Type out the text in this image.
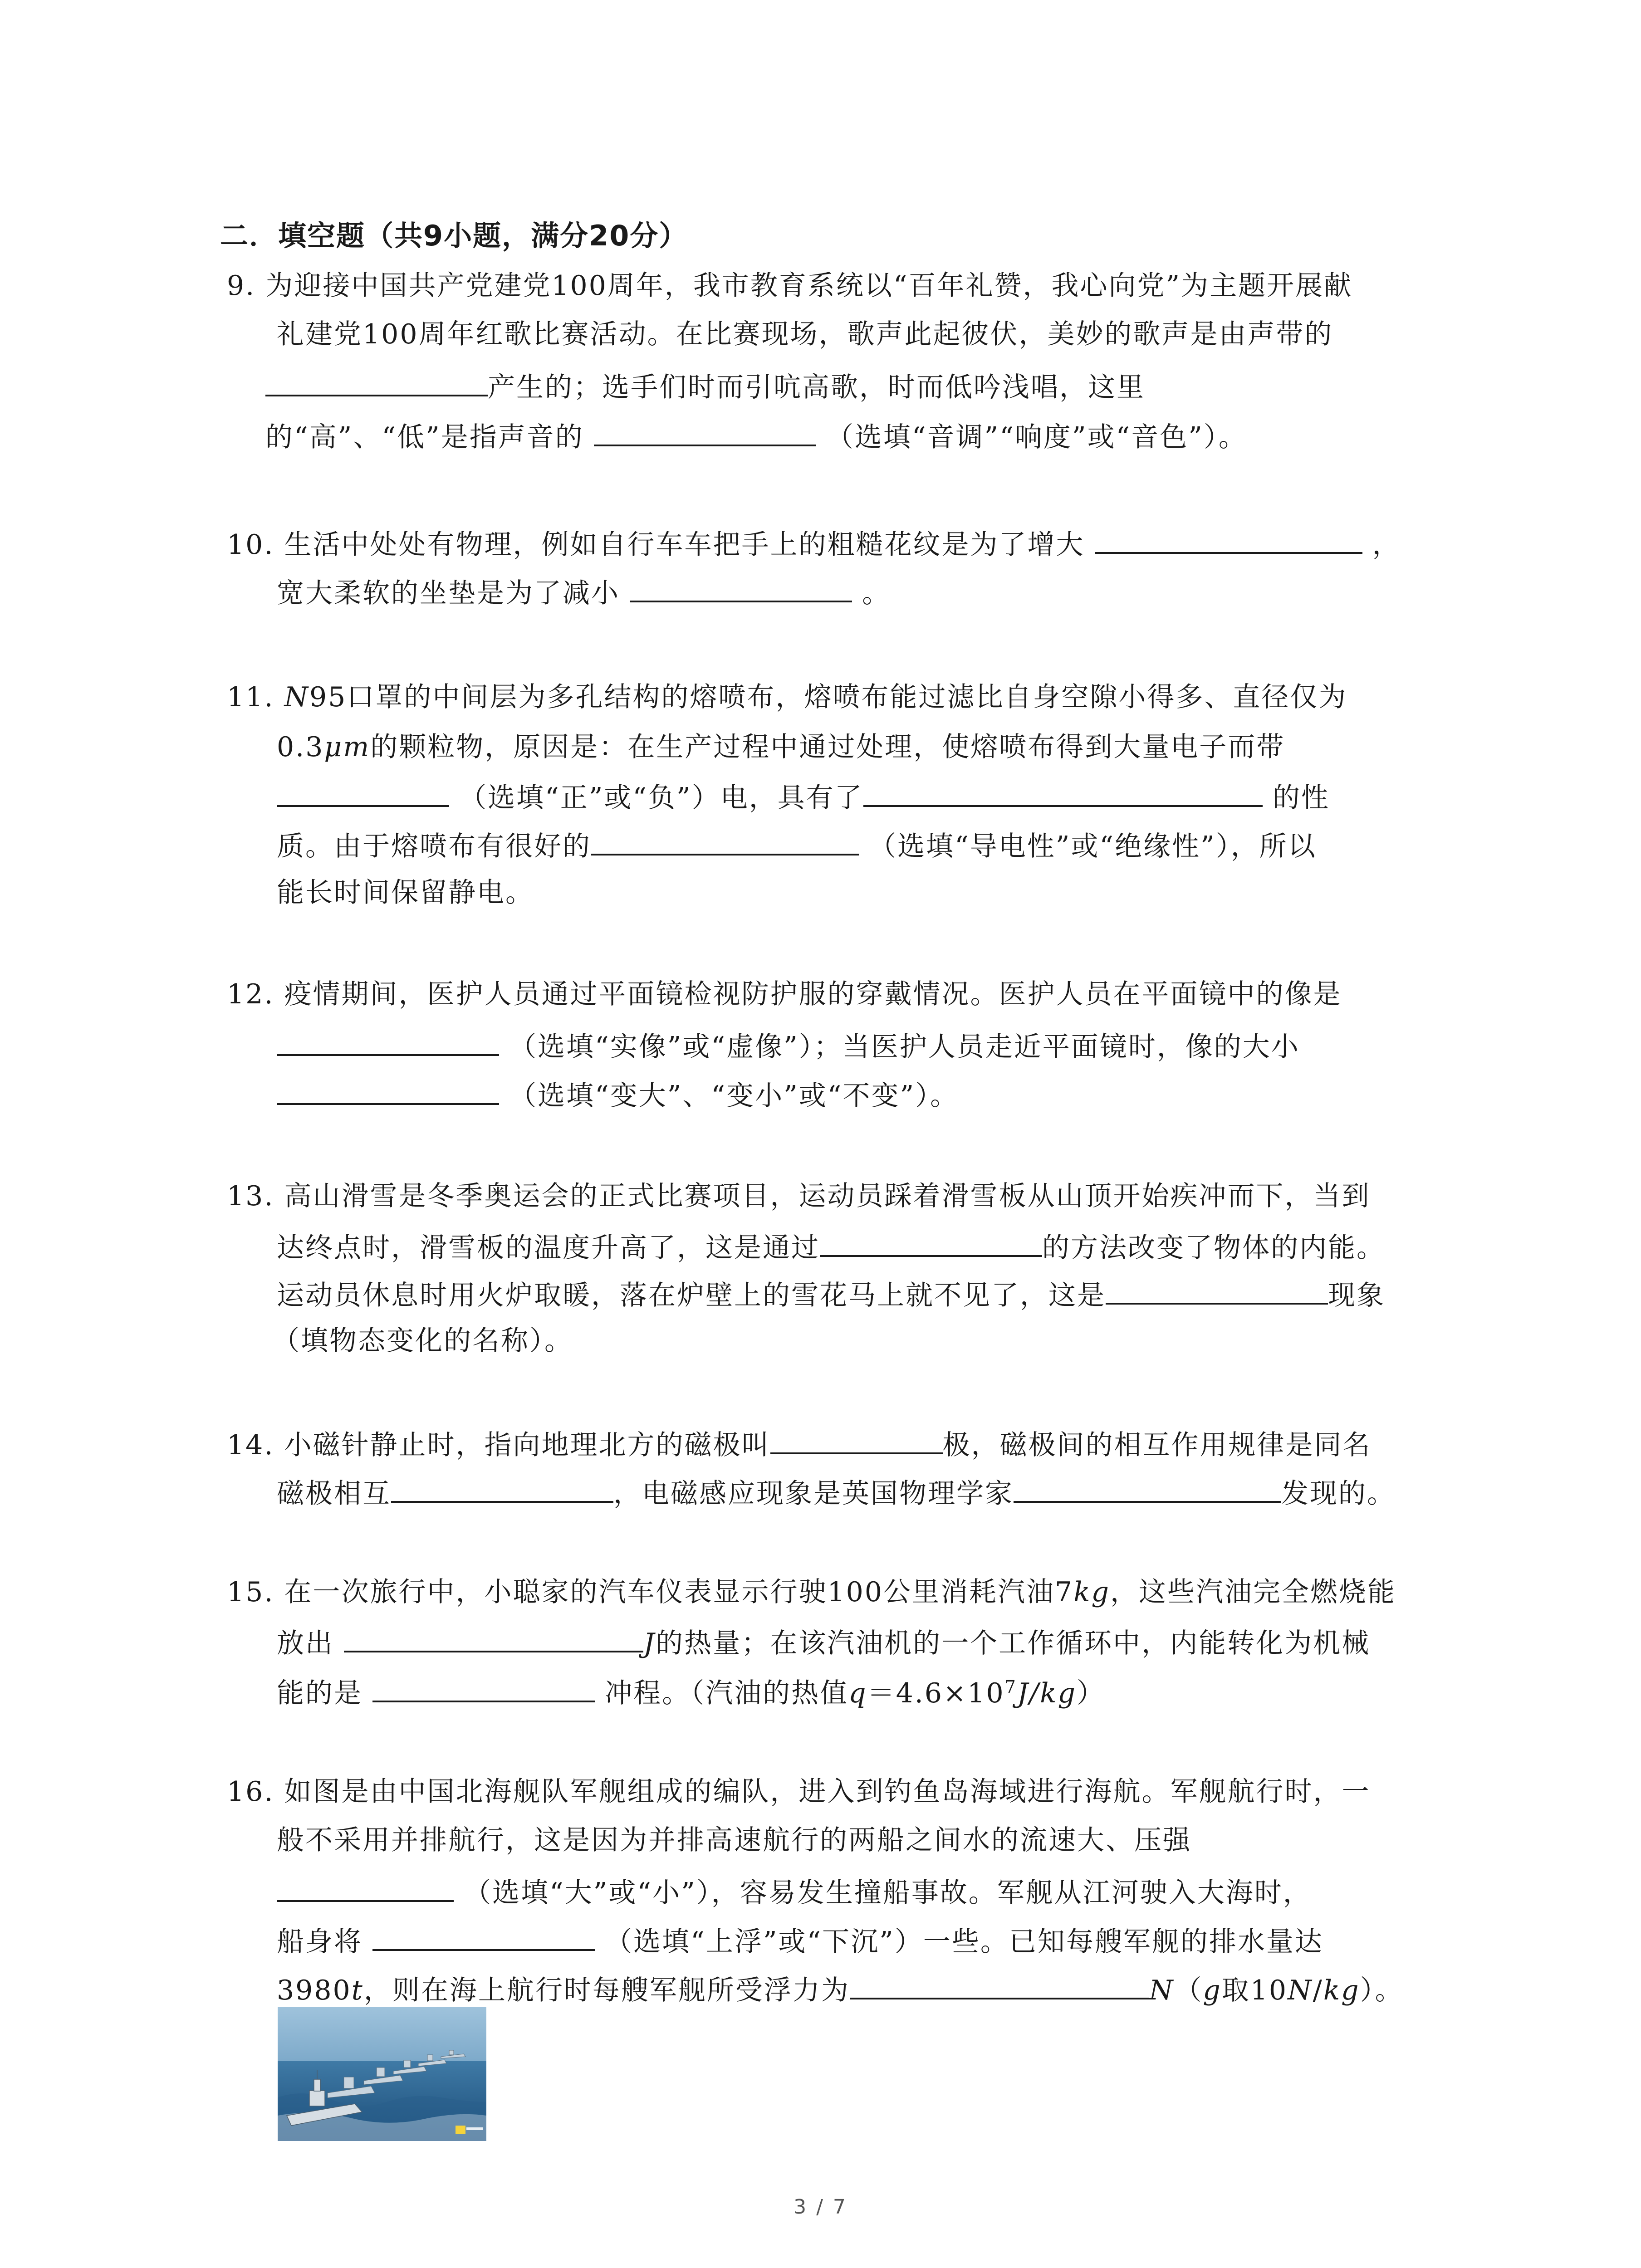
二．填空题（共9小题，满分20分）
9. 为迎接中国共产党建党100周年，我市教育系统以“百年礼赞，我心向党”为主题开展献
礼建党100周年红歌比赛活动。在比赛现场，歌声此起彼伏，美妙的歌声是由声带的
产生的；选手们时而引吭高歌，时而低吟浅唱，这里
的“高”、“低”是指声音的	（选填“音调”“响度”或“音色”）。
10. 生活中处处有物理，例如自行车车把手上的粗糙花纹是为了增大	，
宽大柔软的坐垫是为了减小	。
11. N95口罩的中间层为多孔结构的熔喷布，熔喷布能过滤比自身空隙小得多、直径仅为
0.3μm的颗粒物，原因是：在生产过程中通过处理，使熔喷布得到大量电子而带
（选填“正”或“负”）电，具有了	的性
质。由于熔喷布有很好的	（选填“导电性”或“绝缘性”），所以
能长时间保留静电。
12. 疫情期间，医护人员通过平面镜检视防护服的穿戴情况。医护人员在平面镜中的像是
（选填“实像”或“虚像”）；当医护人员走近平面镜时，像的大小
（选填“变大”、“变小”或“不变”）。
13. 高山滑雪是冬季奥运会的正式比赛项目，运动员踩着滑雪板从山顶开始疾冲而下，当到
达终点时，滑雪板的温度升高了，这是通过	的方法改变了物体的内能。
运动员休息时用火炉取暖，落在炉壁上的雪花马上就不见了，这是	现象
（填物态变化的名称）。
14. 小磁针静止时，指向地理北方的磁极叫	极，磁极间的相互作用规律是同名
磁极相互	，电磁感应现象是英国物理学家	发现的。
15. 在一次旅行中，小聪家的汽车仪表显示行驶100公里消耗汽油7kg，这些汽油完全燃烧能
放出	J的热量；在该汽油机的一个工作循环中，内能转化为机械
能的是	冲程。（汽油的热值$q=4.6\times 10^7J/kg$）
16. 如图是由中国北海舰队军舰组成的编队，进入到钓鱼岛海域进行海航。军舰航行时，一
般不采用并排航行，这是因为并排高速航行的两船之间水的流速大、压强
（选填“大”或“小”），容易发生撞船事故。军舰从江河驶入大海时，
船身将	（选填“上浮”或“下沉”）一些。已知每艘军舰的排水量达
3980t，则在海上航行时每艘军舰所受浮力为	N（g取10N/kg）。
3 / 7
